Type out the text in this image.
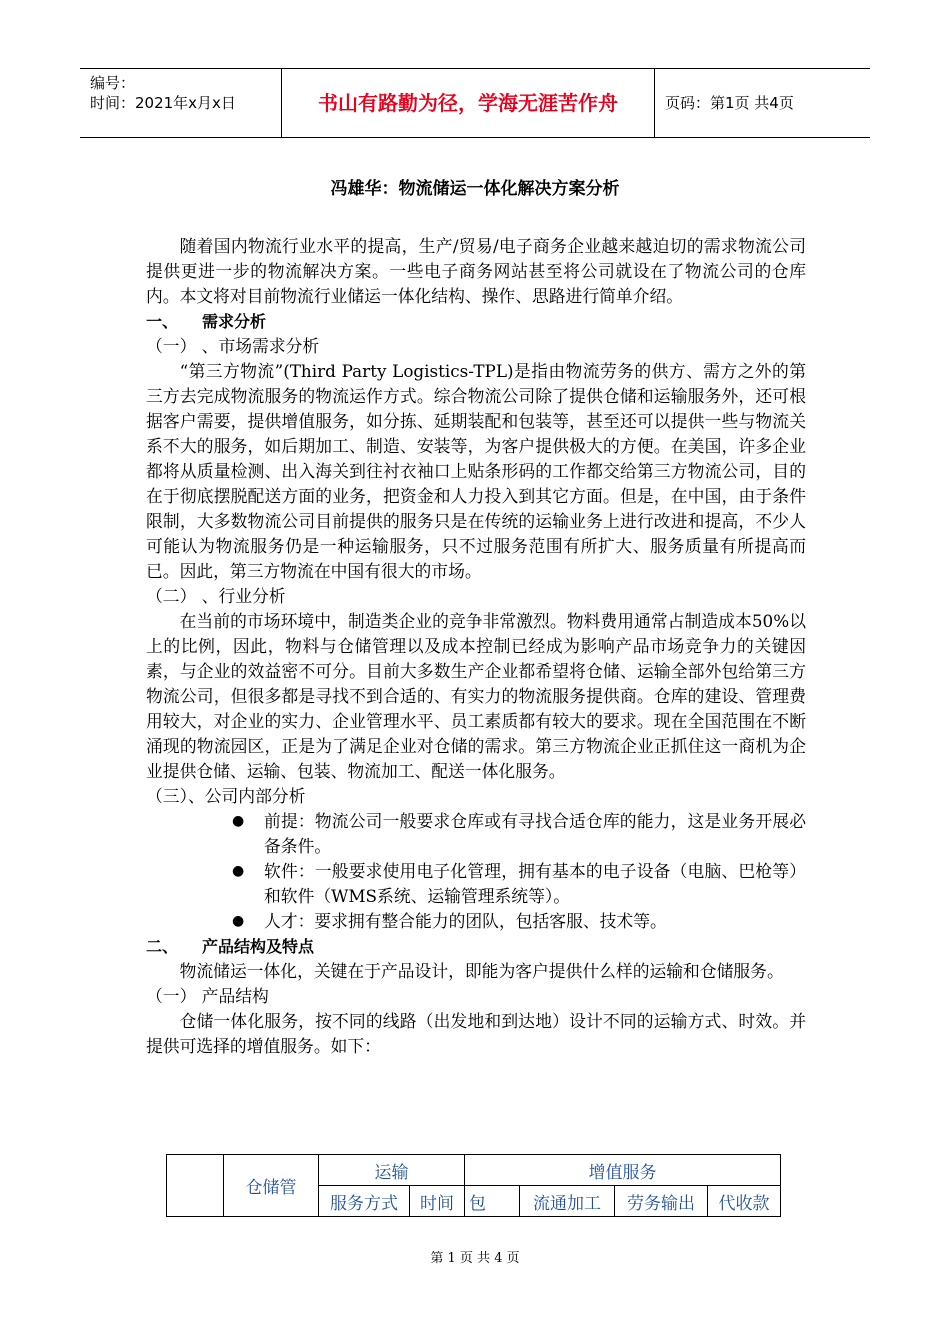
编号：
时间：2021年x月x日	书山有路勤为径，学海无涯苦作舟	页码：第1页 共4页
冯雄华：物流储运一体化解决方案分析

随着国内物流行业水平的提高，生产/贸易/电子商务企业越来越迫切的需求物流公司提供更进一步的物流解决方案。一些电子商务网站甚至将公司就设在了物流公司的仓库内。本文将对目前物流行业储运一体化结构、操作、思路进行简单介绍。

一、 需求分析

（一） 、市场需求分析

“第三方物流”(Third Party Logistics-TPL)是指由物流劳务的供方、需方之外的第三方去完成物流服务的物流运作方式。综合物流公司除了提供仓储和运输服务外，还可根据客户需要，提供增值服务，如分拣、延期装配和包装等，甚至还可以提供一些与物流关系不大的服务，如后期加工、制造、安装等，为客户提供极大的方便。在美国，许多企业都将从质量检测、出入海关到往衬衣袖口上贴条形码的工作都交给第三方物流公司，目的在于彻底摆脱配送方面的业务，把资金和人力投入到其它方面。但是，在中国，由于条件限制，大多数物流公司目前提供的服务只是在传统的运输业务上进行改进和提高，不少人可能认为物流服务仍是一种运输服务，只不过服务范围有所扩大、服务质量有所提高而已。因此，第三方物流在中国有很大的市场。

（二） 、行业分析

在当前的市场环境中，制造类企业的竞争非常激烈。物料费用通常占制造成本50%以上的比例，因此，物料与仓储管理以及成本控制已经成为影响产品市场竞争力的关键因素，与企业的效益密不可分。目前大多数生产企业都希望将仓储、运输全部外包给第三方物流公司，但很多都是寻找不到合适的、有实力的物流服务提供商。仓库的建设、管理费用较大，对企业的实力、企业管理水平、员工素质都有较大的要求。现在全国范围在不断涌现的物流园区，正是为了满足企业对仓储的需求。第三方物流企业正抓住这一商机为企业提供仓储、运输、包装、物流加工、配送一体化服务。

（三）、公司内部分析

● 前提：物流公司一般要求仓库或有寻找合适仓库的能力，这是业务开展必备条件。
● 软件：一般要求使用电子化管理，拥有基本的电子设备（电脑、巴枪等）和软件（WMS系统、运输管理系统等）。
● 人才：要求拥有整合能力的团队，包括客服、技术等。

二、 产品结构及特点

物流储运一体化，关键在于产品设计，即能为客户提供什么样的运输和仓储服务。

（一） 产品结构

仓储一体化服务，按不同的线路（出发地和到达地）设计不同的运输方式、时效。并提供可选择的增值服务。如下：

	仓储管	运输		增值服务			
		服务方式	时间	包	流通加工	劳务输出	代收款
第 1 页 共 4 页
